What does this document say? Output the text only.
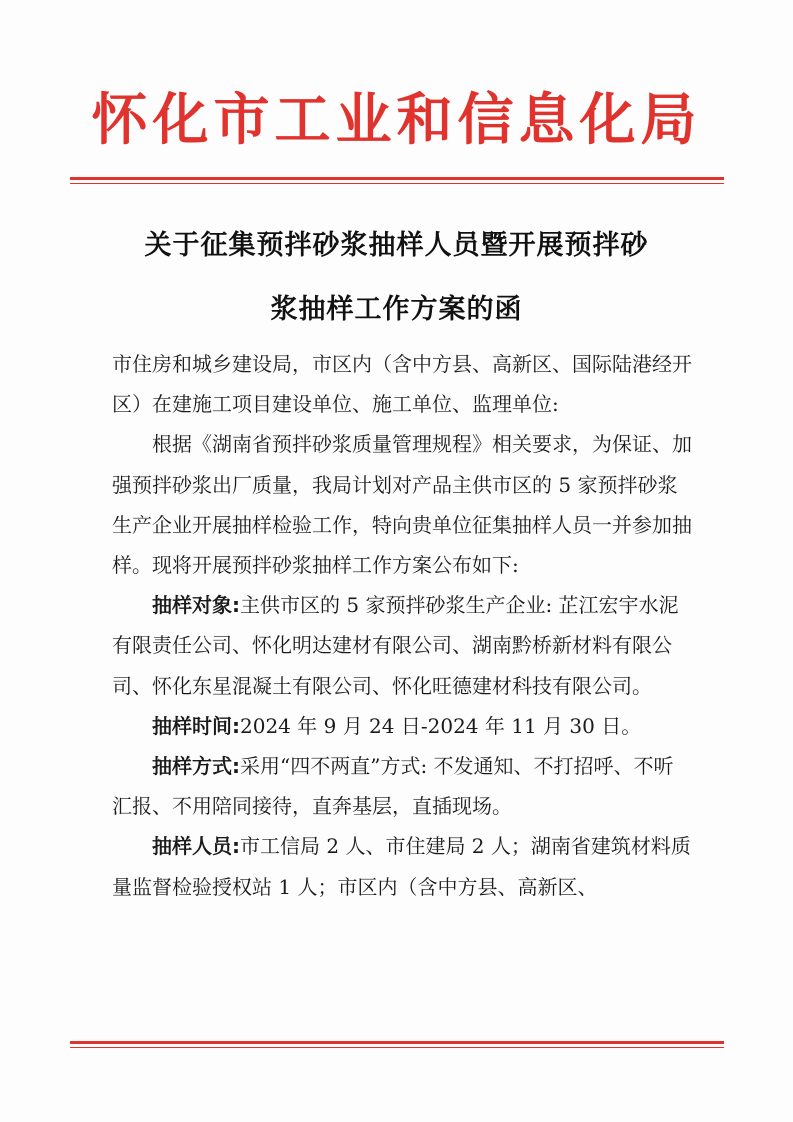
怀化市工业和信息化局
关于征集预拌砂浆抽样人员暨开展预拌砂
浆抽样工作方案的函

市住房和城乡建设局，市区内（含中方县、高新区、国际陆港经开区）在建施工项目建设单位、施工单位、监理单位:

根据《湖南省预拌砂浆质量管理规程》相关要求，为保证、加强预拌砂浆出厂质量，我局计划对产品主供市区的 5 家预拌砂浆生产企业开展抽样检验工作，特向贵单位征集抽样人员一并参加抽样。现将开展预拌砂浆抽样工作方案公布如下:

抽样对象:主供市区的 5 家预拌砂浆生产企业: 芷江宏宇水泥有限责任公司、怀化明达建材有限公司、湖南黔桥新材料有限公司、怀化东星混凝土有限公司、怀化旺德建材科技有限公司。

抽样时间:2024 年 9 月 24 日-2024 年 11 月 30 日。

抽样方式:采用“四不两直”方式: 不发通知、不打招呼、不听汇报、不用陪同接待，直奔基层，直插现场。

抽样人员:市工信局 2 人、市住建局 2 人；湖南省建筑材料质量监督检验授权站 1 人；市区内（含中方县、高新区、
